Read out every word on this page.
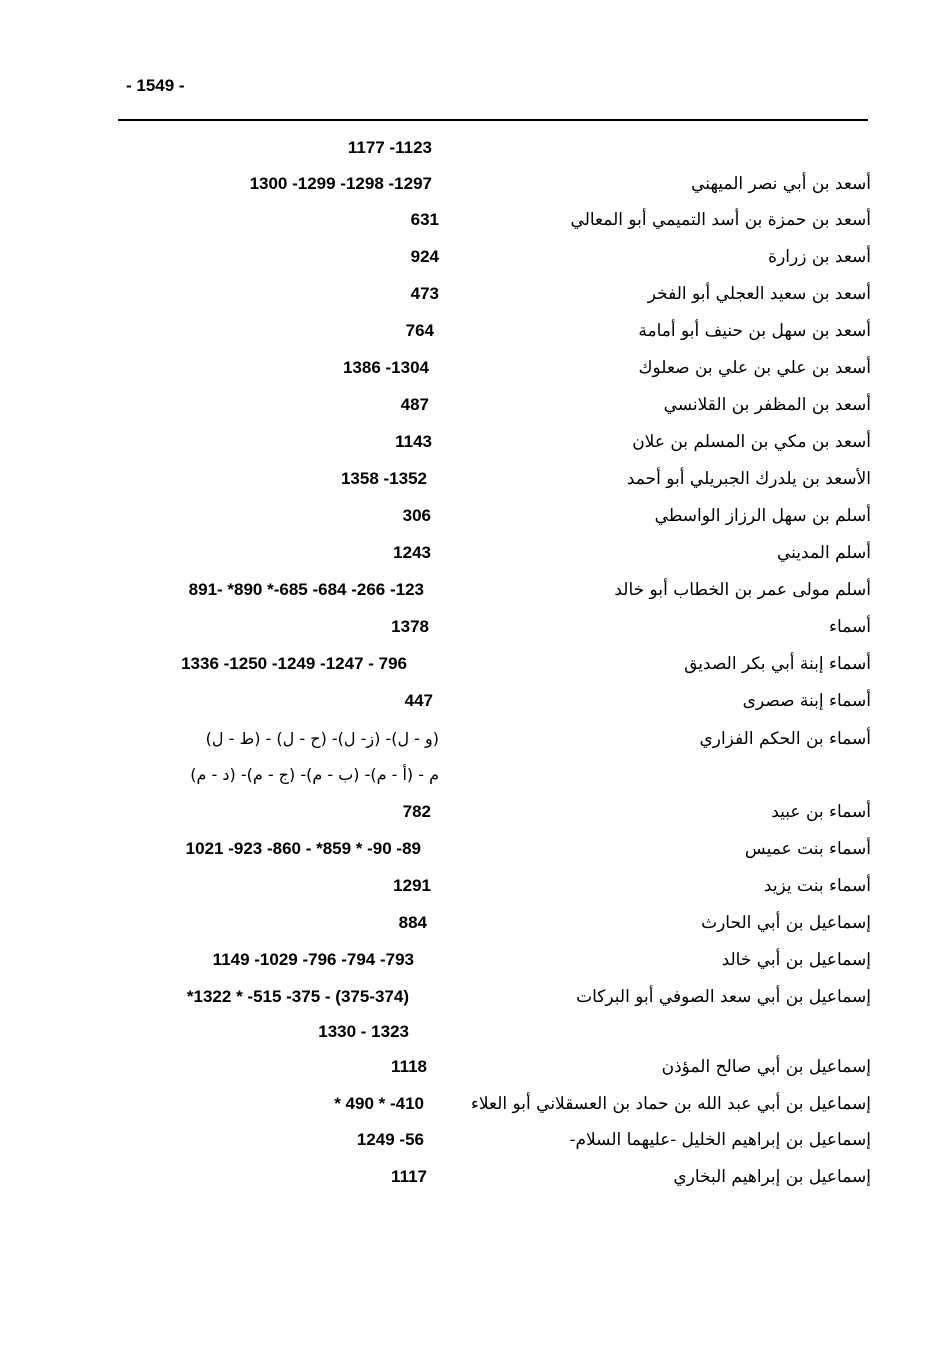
- 1549 -
1177 -1123
أسعد بن أبي نصر الميهني
1300 -1299 -1298 -1297
أسعد بن حمزة بن أسد التميمي أبو المعالي
631
أسعد بن زرارة
924
أسعد بن سعيد العجلي أبو الفخر
473
أسعد بن سهل بن حنيف أبو أمامة
764
أسعد بن علي بن علي بن صعلوك
1386 -1304
أسعد بن المظفر بن القلانسي
487
أسعد بن مكي بن المسلم بن علان
1143
الأسعد بن يلدرك الجبريلي أبو أحمد
1358 -1352
أسلم بن سهل الرزاز الواسطي
306
أسلم المديني
1243
أسلم مولى عمر بن الخطاب أبو خالد
891- *890 *-685 -684 -266 -123
أسماء
1378
أسماء إبنة أبي بكر الصديق
1336 -1250 -1249 -1247 - 796
أسماء إبنة صصرى
447
أسماء بن الحكم الفزاري
(و - ل)- (ز- ل)- (ح - ل) - (ط - ل)
م - (أ - م)- (ب - م)- (ج - م)- (د - م)
أسماء بن عبيد
782
أسماء بنت عميس
1021 -923 -860 - *859 * -90 -89
أسماء بنت يزيد
1291
إسماعيل بن أبي الحارث
884
إسماعيل بن أبي خالد
1149 -1029 -796 -794 -793
إسماعيل بن أبي سعد الصوفي أبو البركات
*1322 * -515 -375 - (375-374)
1330 - 1323
إسماعيل بن أبي صالح المؤذن
1118
إسماعيل بن أبي عبد الله بن حماد بن العسقلاني أبو العلاء
* 490 * -410
إسماعيل بن إبراهيم الخليل -عليهما السلام-
1249 -56
إسماعيل بن إبراهيم البخاري
1117
